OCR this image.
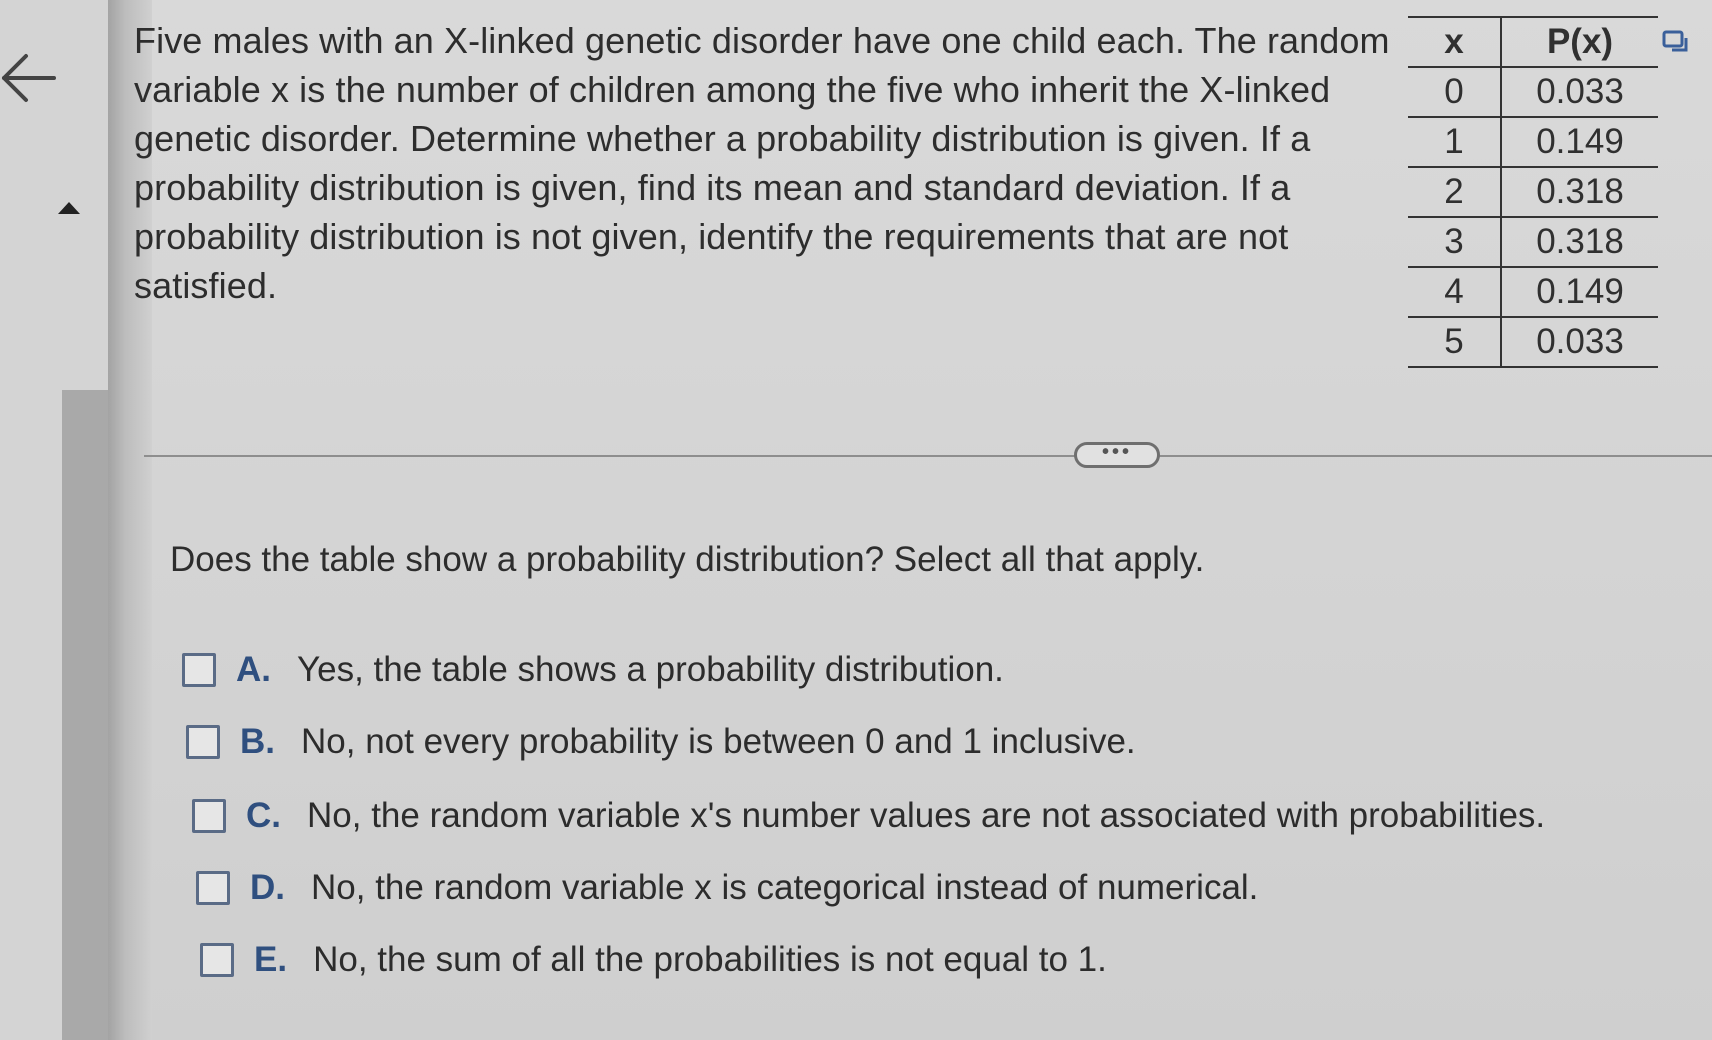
Five males with an X-linked genetic disorder have one child each. The random variable x is the number of children among the five who inherit the X-linked genetic disorder. Determine whether a probability distribution is given. If a probability distribution is given, find its mean and standard deviation. If a probability distribution is not given, identify the requirements that are not satisfied.
x	P(x)
0	0.033
1	0.149
2	0.318
3	0.318
4	0.149
5	0.033
•••
Does the table show a probability distribution? Select all that apply.
A. Yes, the table shows a probability distribution.
B. No, not every probability is between 0 and 1 inclusive.
C. No, the random variable x's number values are not associated with probabilities.
D. No, the random variable x is categorical instead of numerical.
E. No, the sum of all the probabilities is not equal to 1.
